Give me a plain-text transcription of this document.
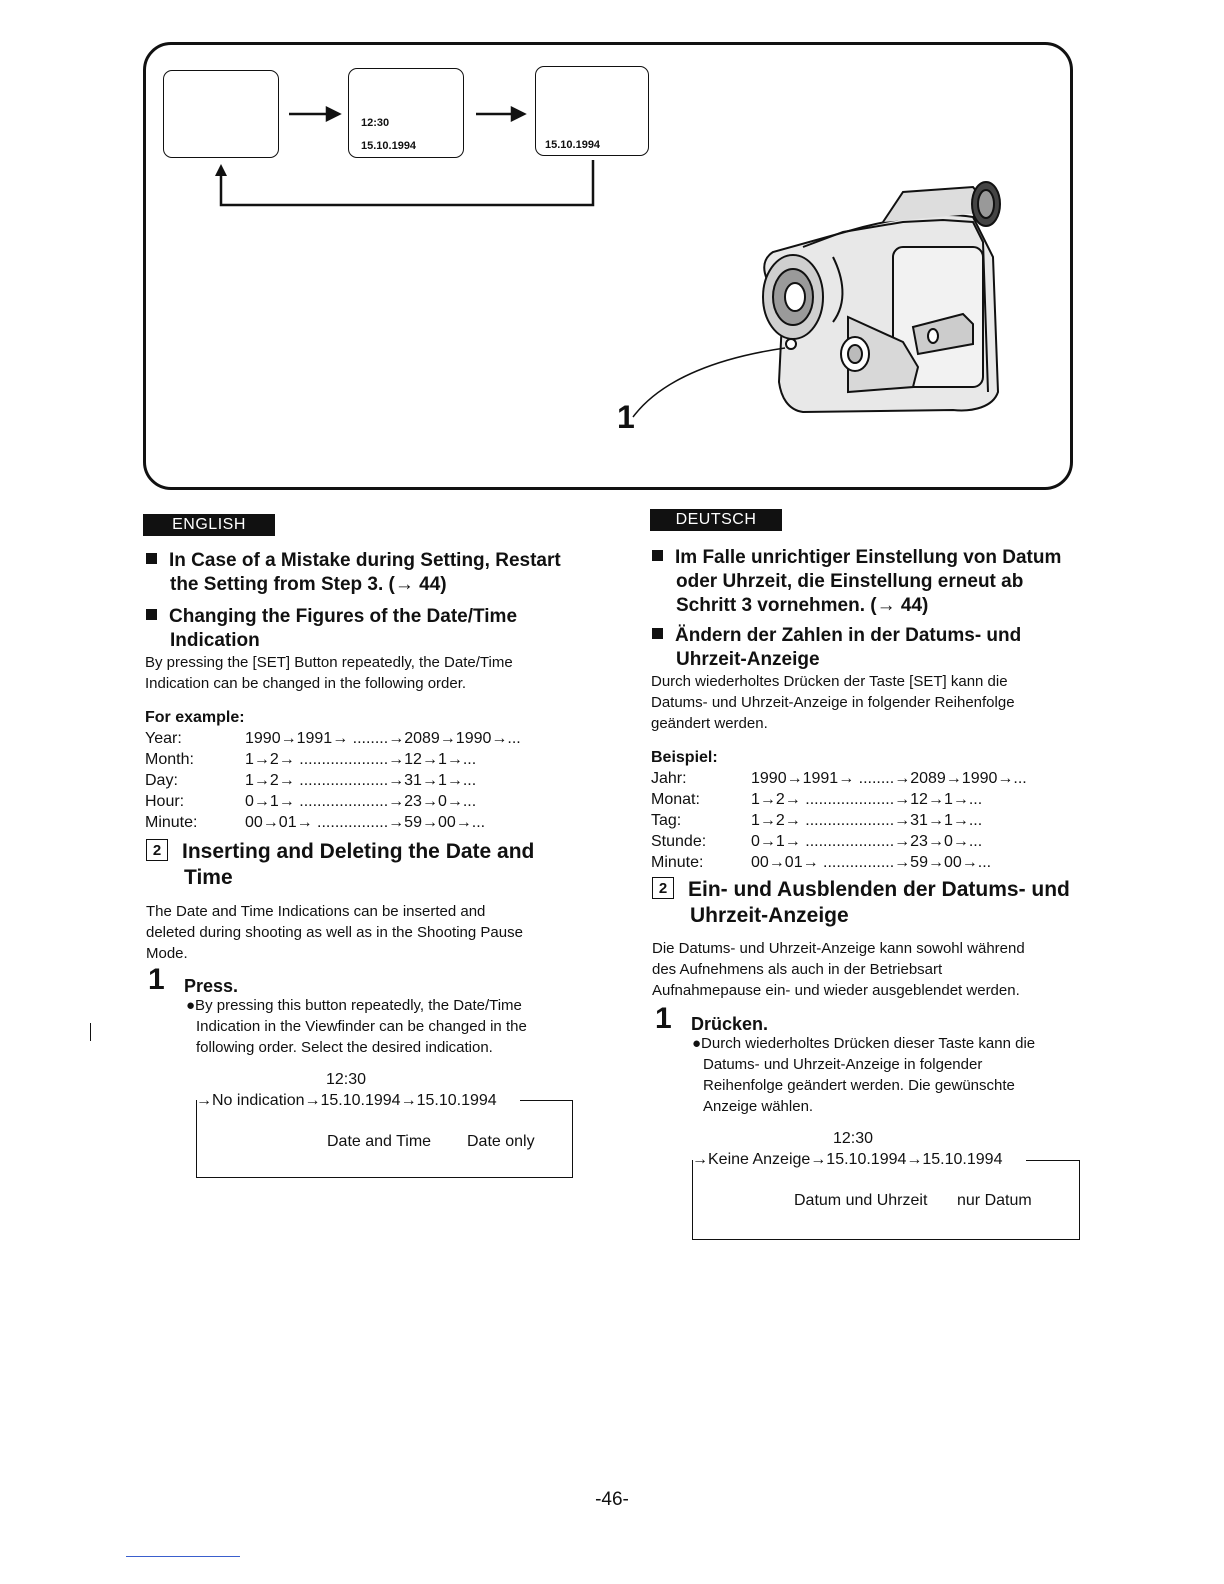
12:30
15.10.1994	15.10.1994
1
ENGLISH
In Case of a Mistake during Setting, Restart
the Setting from Step 3. (→ 44)
Changing the Figures of the Date/Time
Indication
By pressing the [SET] Button repeatedly, the Date/Time
Indication can be changed in the following order.
For example:
Year:	1990→1991→ ........→2089→1990→...
Month:	1→2→ ....................→12→1→...
Day:	1→2→ ....................→31→1→...
Hour:	0→1→ ....................→23→0→...
Minute:	00→01→ ................→59→00→...
2 Inserting and Deleting the Date and
Time
The Date and Time Indications can be inserted and
deleted during shooting as well as in the Shooting Pause
Mode.
1 Press.
●By pressing this button repeatedly, the Date/Time
Indication in the Viewfinder can be changed in the
following order. Select the desired indication.
12:30
→No indication→15.10.1994→15.10.1994
Date and Time Date only
DEUTSCH
Im Falle unrichtiger Einstellung von Datum
oder Uhrzeit, die Einstellung erneut ab
Schritt 3 vornehmen. (→ 44)
Ändern der Zahlen in der Datums- und
Uhrzeit-Anzeige
Durch wiederholtes Drücken der Taste [SET] kann die
Datums- und Uhrzeit-Anzeige in folgender Reihenfolge
geändert werden.
Beispiel:
Jahr:	1990→1991→ ........→2089→1990→...
Monat:	1→2→ ....................→12→1→...
Tag:	1→2→ ....................→31→1→...
Stunde:	0→1→ ....................→23→0→...
Minute:	00→01→ ................→59→00→...
2 Ein- und Ausblenden der Datums- und
Uhrzeit-Anzeige
Die Datums- und Uhrzeit-Anzeige kann sowohl während
des Aufnehmens als auch in der Betriebsart
Aufnahmepause ein- und wieder ausgeblendet werden.
1 Drücken.
●Durch wiederholtes Drücken dieser Taste kann die
Datums- und Uhrzeit-Anzeige in folgender
Reihenfolge geändert werden. Die gewünschte
Anzeige wählen.
12:30
→Keine Anzeige→15.10.1994→15.10.1994
Datum und Uhrzeit nur Datum
-46-
